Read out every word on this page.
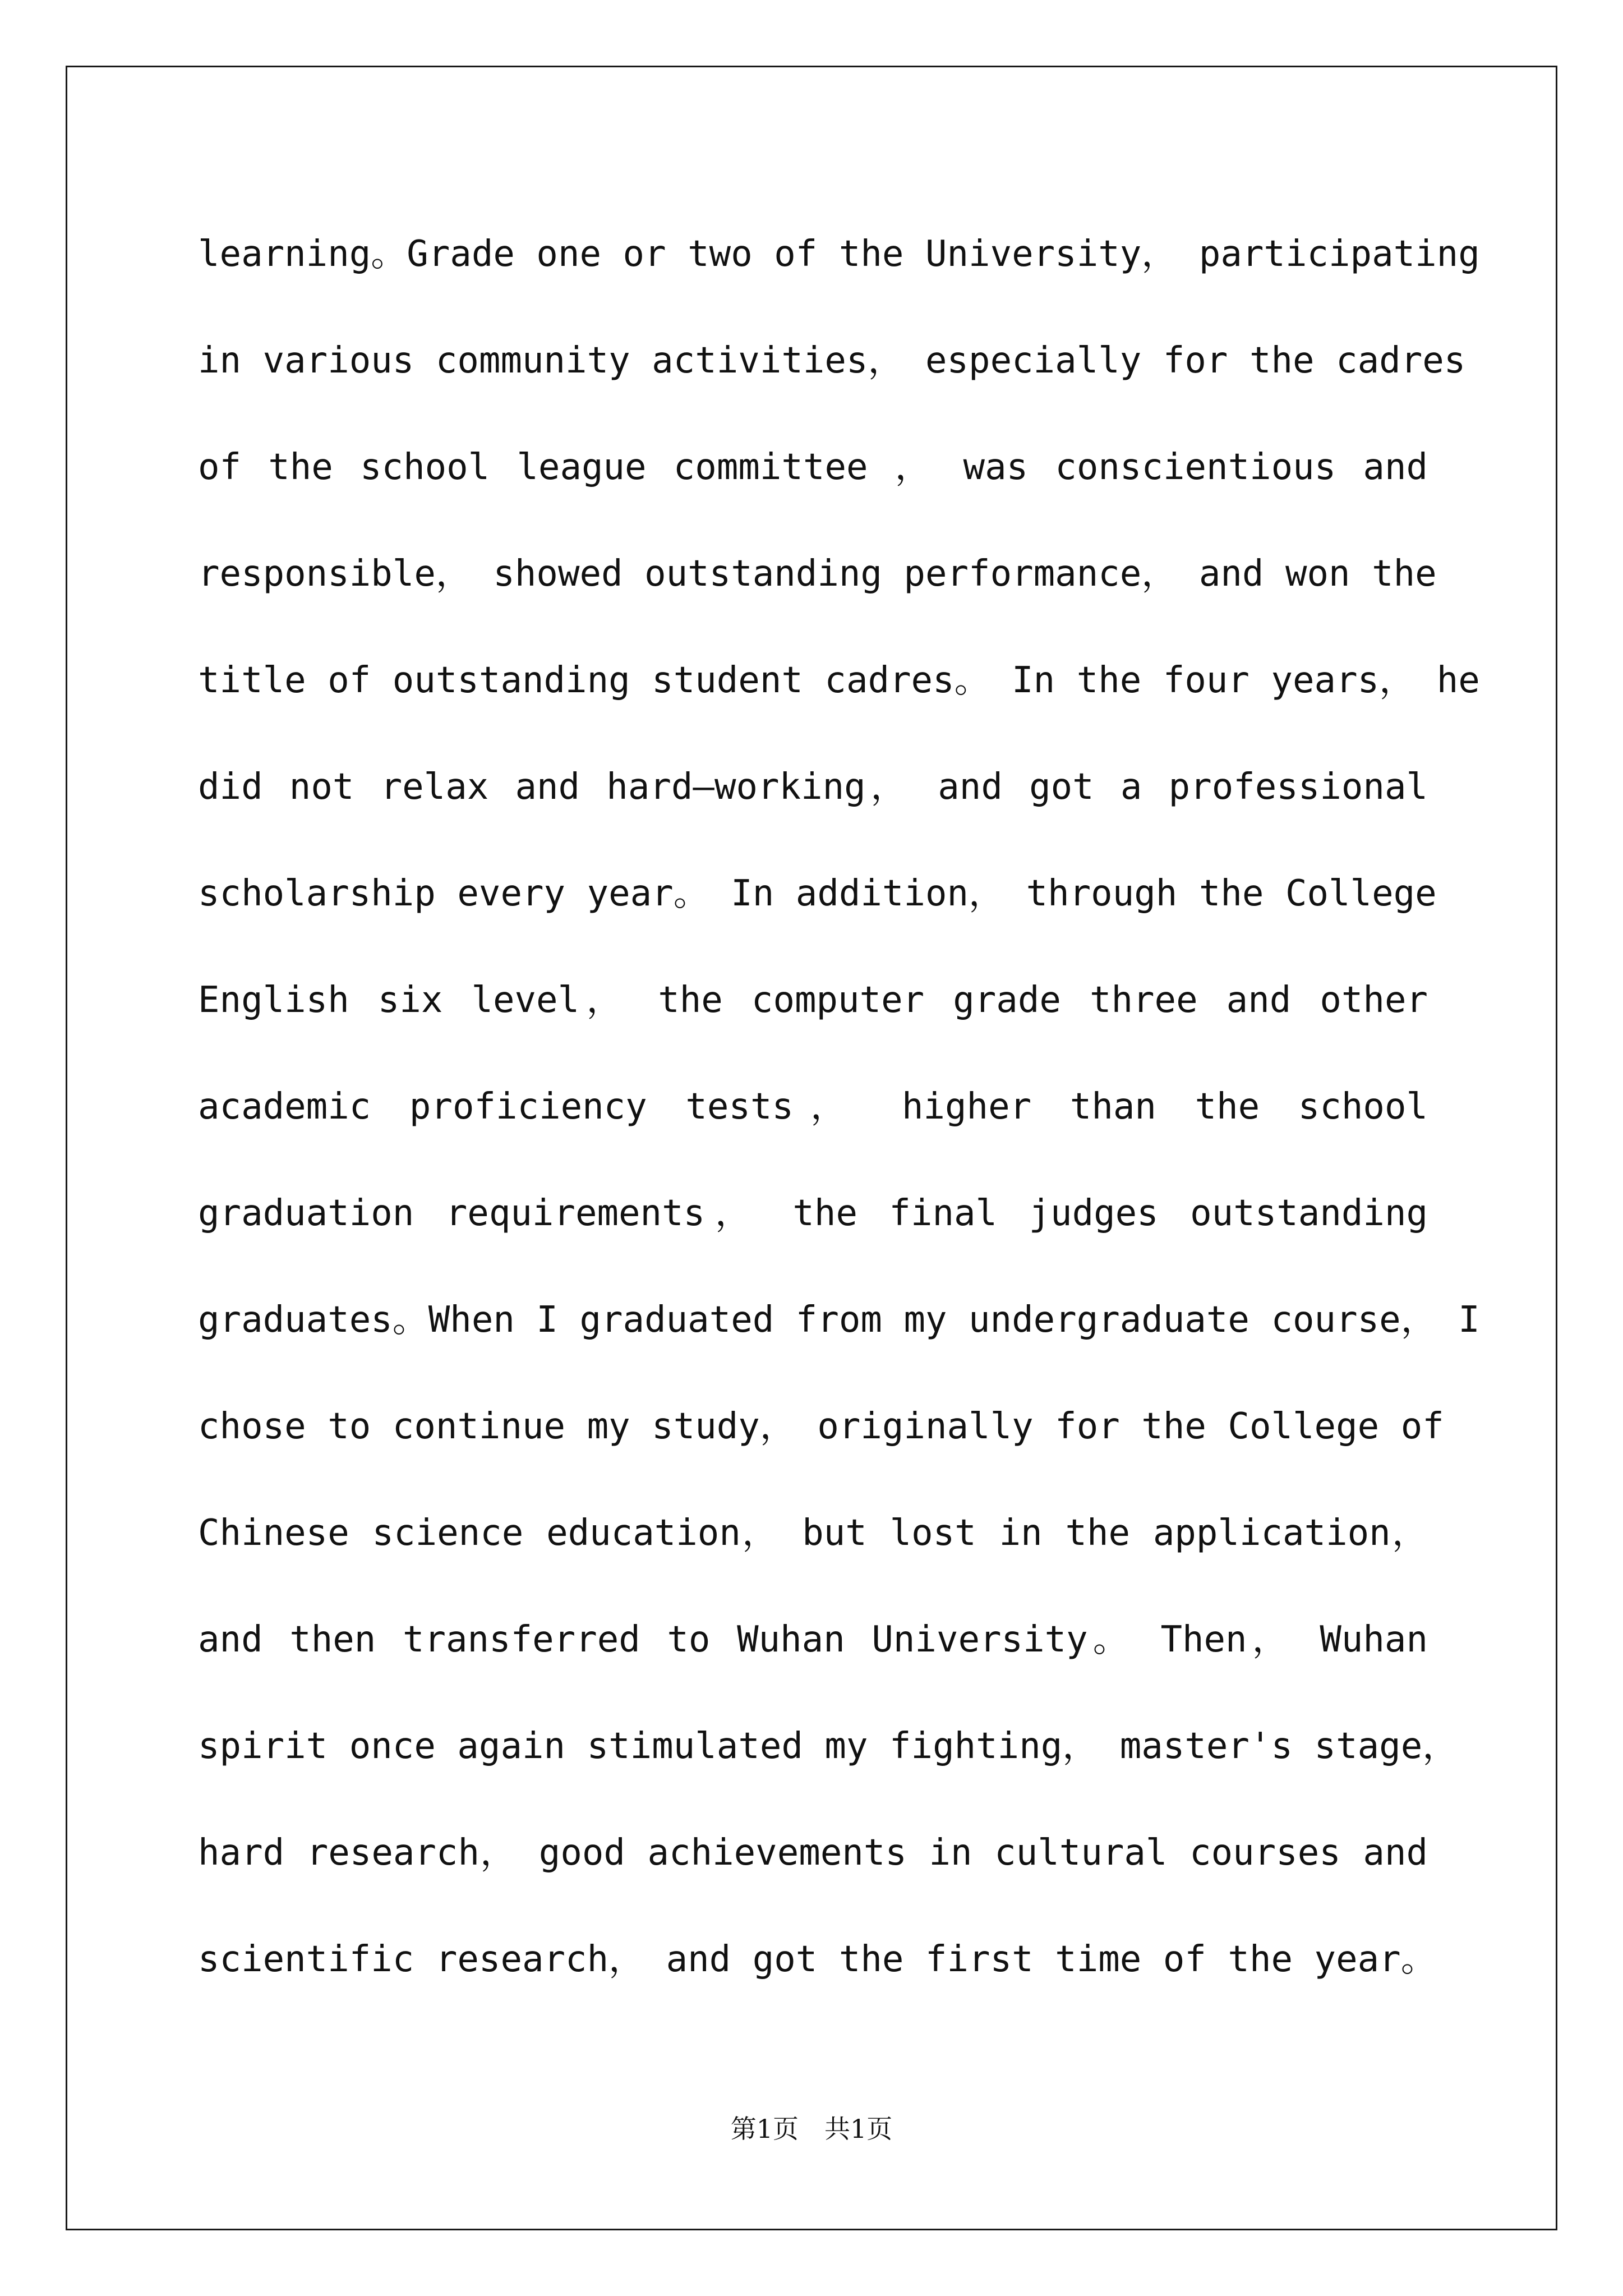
learning。Grade one or two of the University， participating
in various community activities， especially for the cadres
of the school league committee ， was conscientious and
responsible， showed outstanding performance， and won the
title of outstanding student cadres。 In the four years， he
did not relax and hard—working， and got a professional
scholarship every year。 In addition， through the College
English six level， the computer grade three and other
academic proficiency tests， higher than the school
graduation requirements， the final judges outstanding
graduates。When I graduated from my undergraduate course， I
chose to continue my study， originally for the College of
Chinese science education， but lost in the application，
and then transferred to Wuhan University。 Then， Wuhan
spirit once again stimulated my fighting， master's stage，
hard research， good achievements in cultural courses and
scientific research， and got the first time of the year。
第1页　共1页
